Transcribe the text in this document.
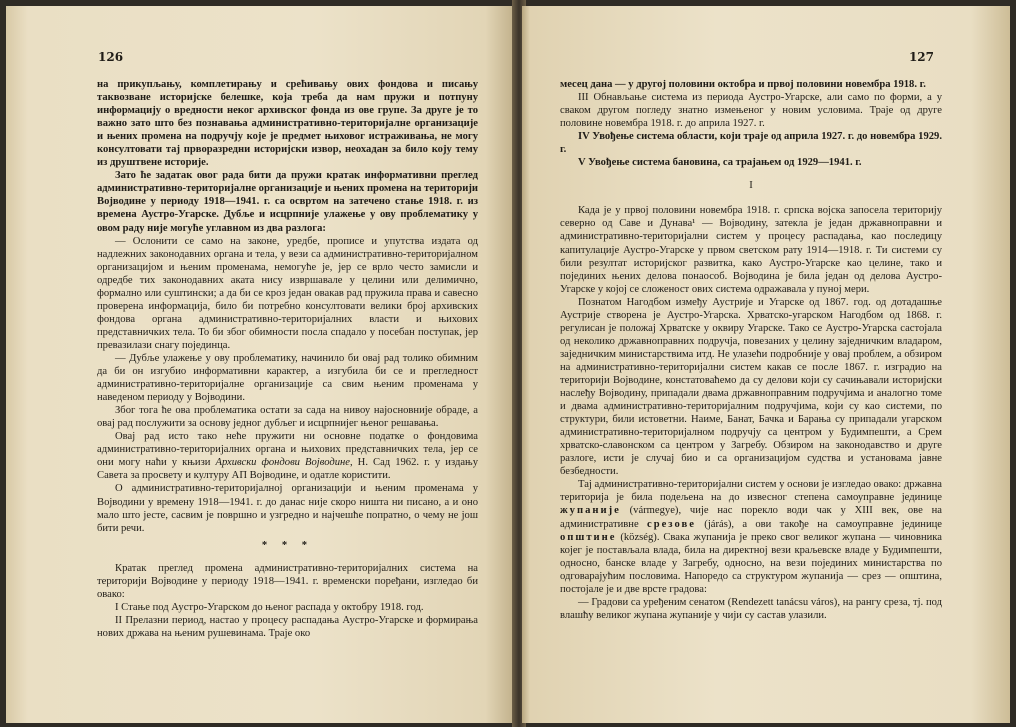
126

на прикупљању, комплетирању и срећивању ових фондова и писању таквозване историјске белешке, која треба да нам пружи и потпуну информацију о вредности неког архивског фонда из ове групе. За друге је то важно зато што без познавања административно-територијалне организације и њених промена на подручју које је предмет њиховог истраживања, не могу консултовати тај прворазредни историјски извор, неохадан за било коју тему из друштвене историје.

Зато ће задатак овог рада бити да пружи кратак информативни преглед административно-територијалне организације и њених промена на територији Војводине у периоду 1918—1941. г. са освртом на затечено стање 1918. г. из времена Аустро-Угарске. Дубље и исцрпније улажење у ову проблематику у овом раду није могуће углавном из два разлога:

— Ослонити се само на законе, уредбе, прописе и упутства издата од надлежних законодавних органа и тела, у вези са административно-територијалном организацијом и њеним променама, немогуће је, јер се врло често замисли и одредбе тих законодавних аката нису извршавале у целини или делимично, формално или суштински; а да би се кроз један овакав рад пружила права и савесно проверена информација, било би потребно консултовати велики број архивских фондова органа административно-територијалних власти и њихових представничких тела. То би због обимности посла спадало у посебан поступак, јер превазилази снагу појединца.

— Дубље улажење у ову проблематику, начинило би овај рад толико обимним да би он изгубио информативни карактер, а изгубила би се и прегледност административно-територијалне организације са свим њеним променама у наведеном периоду у Војводини.

Због тога ће ова проблематика остати за сада на нивоу најосновније обраде, а овај рад послужити за основу једног дубљег и исцрпнијег њеног решавања.

Овај рад исто тако неће пружити ни основне податке о фондовима административно-територијалних органа и њихових представничких тела, јер се они могу наћи у књизи Архивски фондови Војводине, Н. Сад 1962. г. у издању Савета за просвету и културу АП Војводине, и одатле користити.

О административно-територијалној организацији и њеним променама у Војводини у времену 1918—1941. г. до данас није скоро ништа ни писано, а и оно мало што јесте, сасвим је површно и узгредно и најчешће попратно, о чему не још бити речи.

* * *

Кратак преглед промена административно-територијалних система на територији Војводине у периоду 1918—1941. г. временски поређани, изгледао би овако:

I Стање под Аустро-Угарском до њеног распада у октобру 1918. год.

II Прелазни период, настао у процесу распадања Аустро-Угарске и формирања нових држава на њеним рушевинама. Траје око

127

месец дана — у другој половини октобра и првој половини новембра 1918. г.

III Обнављање система из периода Аустро-Угарске, али само по форми, а у сваком другом погледу знатно измењеног у новим условима. Траје од друге половине новембра 1918. г. до априла 1927. г.

IV Увођење система области, који траје од априла 1927. г. до новембра 1929. г.

V Увођење система бановина, са трајањем од 1929—1941. г.

I

Када је у првој половини новембра 1918. г. српска војска запосела територију северно од Саве и Дунава¹ — Војводину, затекла је један државноправни и административно-територијални систем у процесу распадања, као последицу капитулације Аустро-Угарске у првом светском рату 1914—1918. г. Ти системи су били резултат историјског развитка, како Аустро-Угарске као целине, тако и појединих њених делова понаособ. Војводина је била један од делова Аустро-Угарске у којој се сложеност ових система одражавала у пуној мери.

Познатом Нагодбом између Аустрије и Угарске од 1867. год. од дотадашње Аустрије створена је Аустро-Угарска. Хрватско-угарском Нагодбом од 1868. г. регулисан је положај Хрватске у оквиру Угарске. Тако се Аустро-Угарска састојала од неколико државноправних подручја, повезаних у целину заједничким владаром, заједничким министарствима итд. Не улазећи подробније у овај проблем, а обзиром на административно-територијални систем какав се после 1867. г. изградио на територији Војводине, констатоваћемо да су делови који су сачињавали историјски наслеђу Војводину, припадали двама државноправним подручјима и аналогно томе и двама административно-територијалним подручјима, који су као системи, по структури, били истоветни. Наиме, Банат, Бачка и Барања су припадали угарском административно-територијалном подручју са центром у Будимпешти, а Срем хрватско-славонском са центром у Загребу. Обзиром на законодавство и друге разлоге, исти је случај био и са организацијом судства и установама јавне безбедности.

Тај административно-територијални систем у основи је изгледао овако: државна територија је била подељена на до извесног степена самоуправне јединице жупаније (vármegye), чије нас порекло води чак у XIII век, ове на административне срезове (járás), а ови такође на самоуправне јединице општине (község). Свака жупанија је преко свог великог жупана — чиновника којег је постављала влада, била на директној вези краљевске владе у Будимпешти, односно, банске владе у Загребу, односно, на вези појединих министарства по одговарајућим пословима. Напоредо са структуром жупанија — срез — општина, постојале је и две врсте градова:

— Градови са уређеним сенатом (Rendezett tanácsu város), на рангу среза, тј. под влашћу великог жупана жупаније у чији су састав улазили.
